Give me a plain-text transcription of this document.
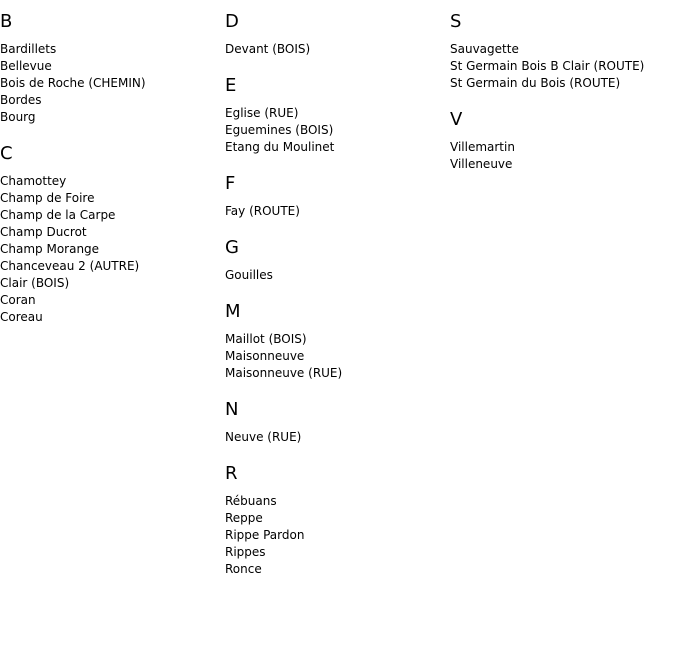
B
Bardillets
Bellevue
Bois de Roche (CHEMIN)
Bordes
Bourg
C
Chamottey
Champ de Foire
Champ de la Carpe
Champ Ducrot
Champ Morange
Chanceveau 2 (AUTRE)
Clair (BOIS)
Coran
Coreau
D
Devant (BOIS)
E
Eglise (RUE)
Eguemines (BOIS)
Etang du Moulinet
F
Fay (ROUTE)
G
Gouilles
M
Maillot (BOIS)
Maisonneuve
Maisonneuve (RUE)
N
Neuve (RUE)
R
Rébuans
Reppe
Rippe Pardon
Rippes
Ronce
S
Sauvagette
St Germain Bois B Clair (ROUTE)
St Germain du Bois (ROUTE)
V
Villemartin
Villeneuve
